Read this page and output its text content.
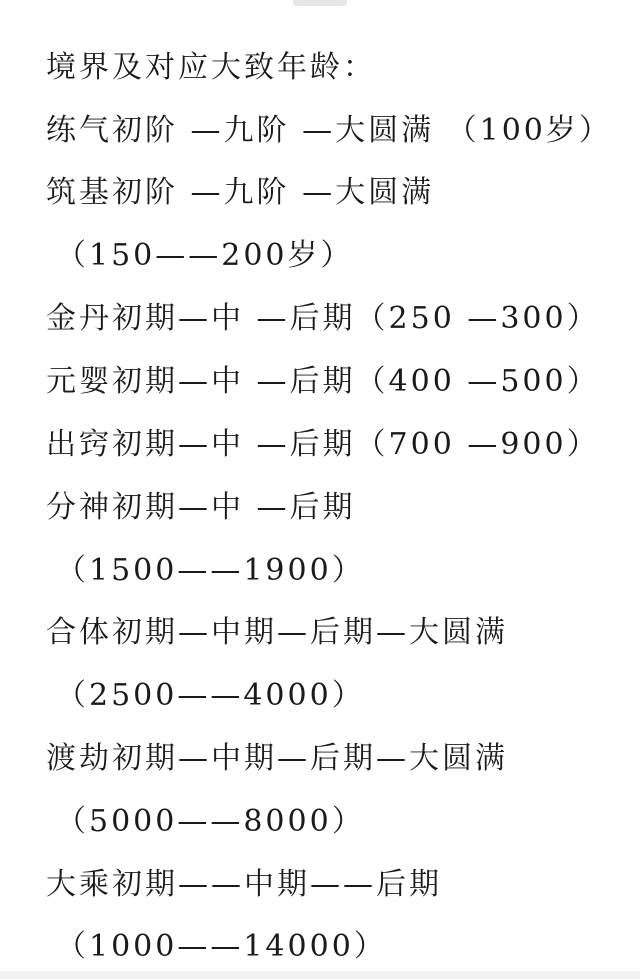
境界及对应大致年龄：
练气初阶 —九阶 —大圆满 （100岁）
筑基初阶 —九阶 —大圆满
（150——200岁）
金丹初期—中 —后期（250 —300）
元婴初期—中 —后期（400 —500）
出窍初期—中 —后期（700 —900）
分神初期—中 —后期
（1500——1900）
合体初期—中期—后期—大圆满
（2500——4000）
渡劫初期—中期—后期—大圆满
（5000——8000）
大乘初期——中期——后期
（1000——14000）
